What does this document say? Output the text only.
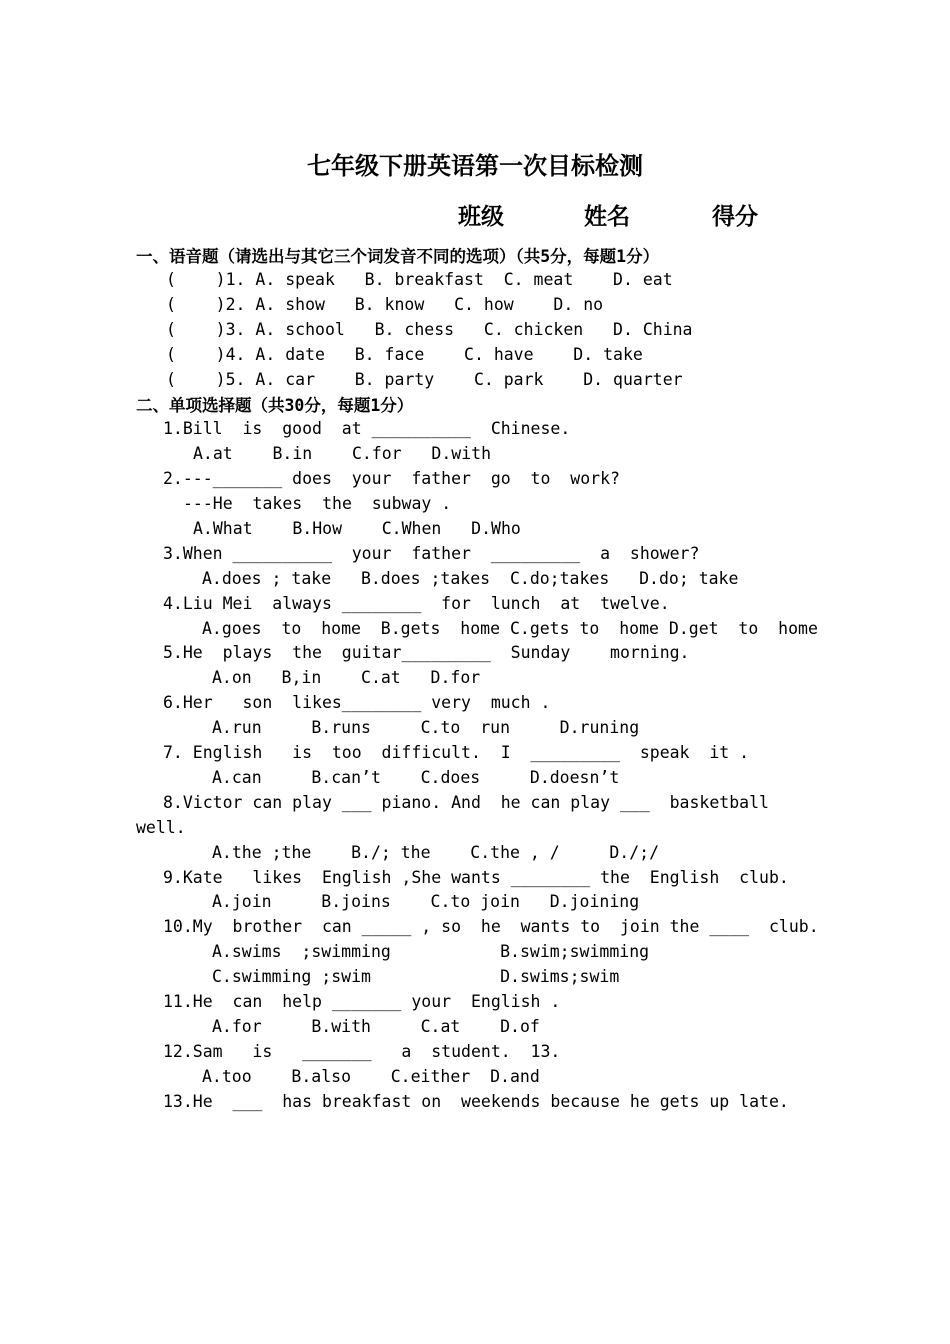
七年级下册英语第一次目标检测
班级	姓名	得分
一、语音题（请选出与其它三个词发音不同的选项）（共5分，每题1分）
(    )1. A. speak   B. breakfast  C. meat    D. eat
(    )2. A. show   B. know   C. how    D. no
(    )3. A. school   B. chess   C. chicken   D. China
(    )4. A. date   B. face    C. have    D. take
(    )5. A. car    B. party    C. park    D. quarter
二、单项选择题（共30分，每题1分）
1.Bill  is  good  at __________  Chinese.
A.at    B.in    C.for   D.with
2.---_______ does  your  father  go  to  work?
---He  takes  the  subway .
A.What    B.How    C.When   D.Who
3.When __________  your  father  _________  a  shower?
A.does ; take   B.does ;takes  C.do;takes   D.do; take
4.Liu Mei  always ________  for  lunch  at  twelve.
A.goes  to  home  B.gets  home C.gets to  home D.get  to  home
5.He  plays  the  guitar_________  Sunday    morning.
A.on   B,in    C.at   D.for
6.Her   son  likes________ very  much .
A.run     B.runs     C.to  run     D.runing
7. English   is  too  difficult.  I  _________  speak  it .
A.can     B.can’t    C.does     D.doesn’t
8.Victor can play ___ piano. And  he can play ___  basketball
well.
A.the ;the    B./; the    C.the , /     D./;/
9.Kate   likes  English ,She wants ________ the  English  club.
A.join     B.joins    C.to join   D.joining
10.My  brother  can _____ , so  he  wants to  join the ____  club.
A.swims  ;swimming           B.swim;swimming
C.swimming ;swim             D.swims;swim
11.He  can  help _______ your  English .
A.for     B.with     C.at    D.of
12.Sam   is   _______   a  student.  13.
A.too    B.also    C.either  D.and
13.He  ___  has breakfast on  weekends because he gets up late.
